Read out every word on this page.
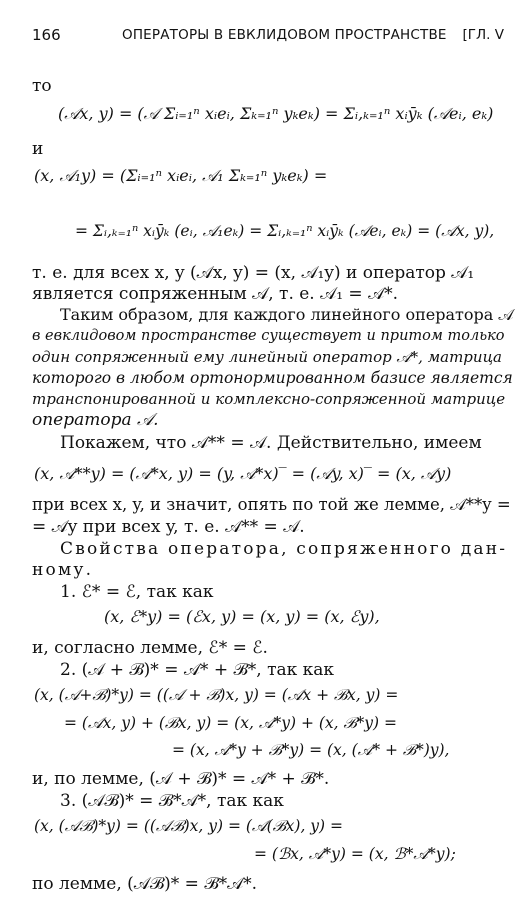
166	ОПЕРАТОРЫ В ЕВКЛИДОВОМ ПРОСТРАНСТВЕ [ГЛ. V
то
(𝒜x, y) = (𝒜 Σᵢ₌₁ⁿ xᵢeᵢ, Σₖ₌₁ⁿ yₖeₖ) = Σᵢ,ₖ₌₁ⁿ xᵢȳₖ (𝒜eᵢ, eₖ)
и
(x, 𝒜₁y) = (Σᵢ₌₁ⁿ xᵢeᵢ, 𝒜₁ Σₖ₌₁ⁿ yₖeₖ) =
= Σᵢ,ₖ₌₁ⁿ xᵢȳₖ (eᵢ, 𝒜₁eₖ) = Σᵢ,ₖ₌₁ⁿ xᵢȳₖ (𝒜eᵢ, eₖ) = (𝒜x, y),
т. е. для всех x, y (𝒜x, y) = (x, 𝒜₁y) и оператор 𝒜₁
является сопряженным 𝒜, т. е. 𝒜₁ = 𝒜*.
Таким образом, для каждого линейного оператора 𝒜
в евклидовом пространстве существует и притом только
один сопряженный ему линейный оператор 𝒜*, матрица
которого в любом ортонормированном базисе является
транспонированной и комплексно-сопряженной матрице
оператора 𝒜.
Покажем, что 𝒜** = 𝒜. Действительно, имеем
(x, 𝒜**y) = (𝒜*x, y) = (y, 𝒜*x)‾ = (𝒜y, x)‾ = (x, 𝒜y)
при всех x, y, и значит, опять по той же лемме, 𝒜**y =
= 𝒜y при всех y, т. е. 𝒜** = 𝒜.
Свойства оператора, сопряженного дан-
ному.
1. ℰ* = ℰ, так как
(x, ℰ*y) = (ℰx, y) = (x, y) = (x, ℰy),
и, согласно лемме, ℰ* = ℰ.
2. (𝒜 + ℬ)* = 𝒜* + ℬ*, так как
(x, (𝒜+ℬ)*y) = ((𝒜 + ℬ)x, y) = (𝒜x + ℬx, y) =
= (𝒜x, y) + (ℬx, y) = (x, 𝒜*y) + (x, ℬ*y) =
= (x, 𝒜*y + ℬ*y) = (x, (𝒜* + ℬ*)y),
и, по лемме, (𝒜 + ℬ)* = 𝒜* + ℬ*.
3. (𝒜ℬ)* = ℬ*𝒜*, так как
(x, (𝒜ℬ)*y) = ((𝒜ℬ)x, y) = (𝒜(ℬx), y) =
= (ℬx, 𝒜*y) = (x, ℬ*𝒜*y);
по лемме, (𝒜ℬ)* = ℬ*𝒜*.
